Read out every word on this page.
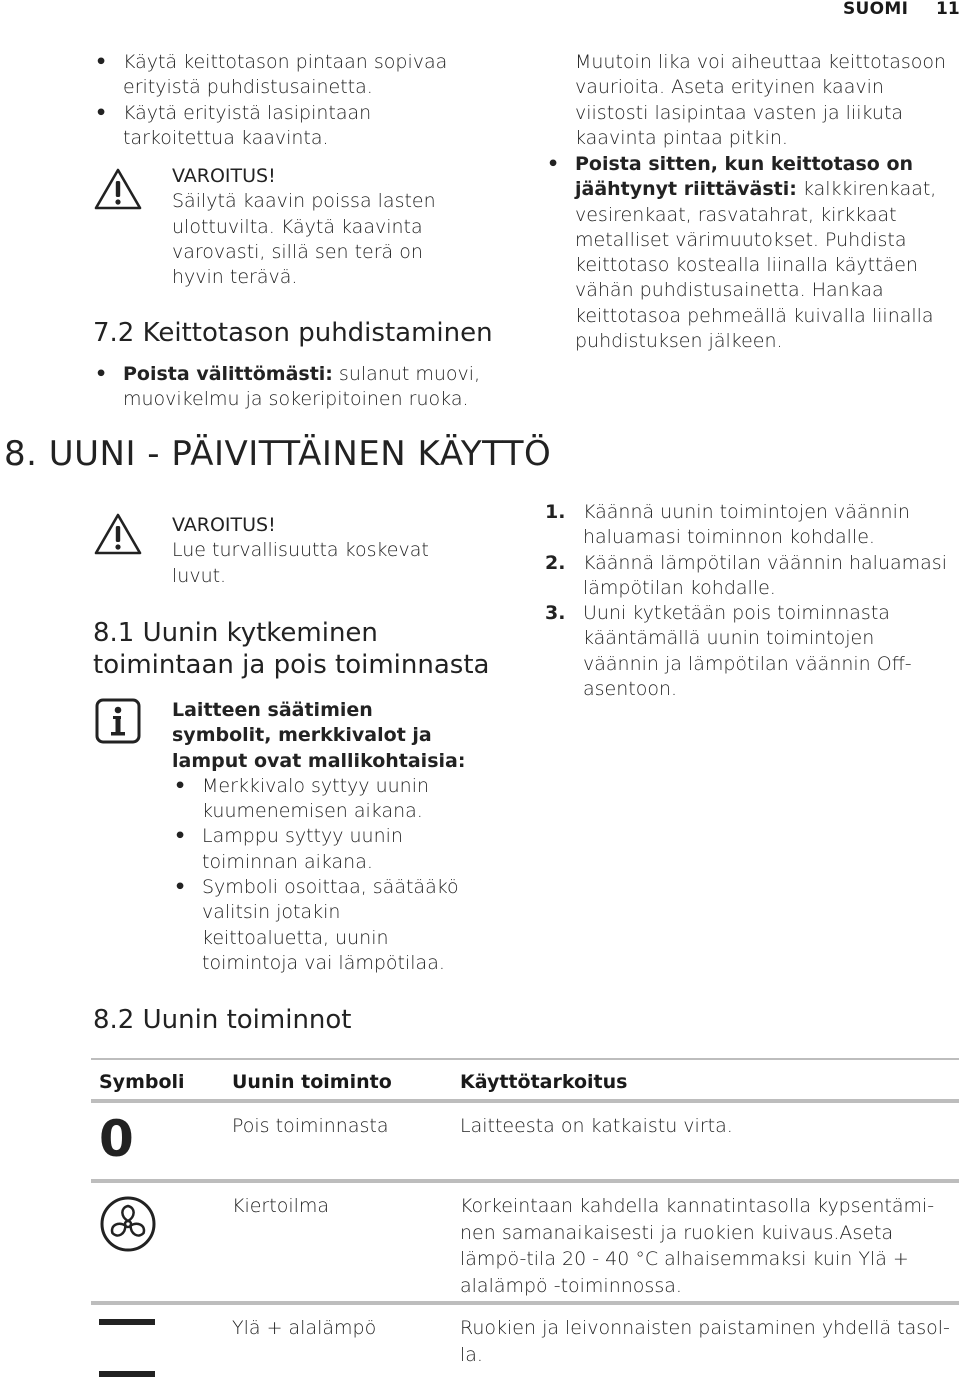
SUOMI 11
• Käytä keittotason pintaan sopivaa erityistä puhdistusainetta.
• Käytä erityistä lasipintaan tarkoitettua kaavinta.
VAROITUS!
Säilytä kaavin poissa lasten ulottuvilta. Käytä kaavinta varovasti, sillä sen terä on hyvin terävä.
7.2 Keittotason puhdistaminen
• Poista välittömästi: sulanut muovi, muovikelmu ja sokeripitoinen ruoka.
Muutoin lika voi aiheuttaa keittotasoon vaurioita. Aseta erityinen kaavin viistosti lasipintaa vasten ja liikuta kaavinta pintaa pitkin.
• Poista sitten, kun keittotaso on jäähtynyt riittävästi: kalkkirenkaat, vesirenkaat, rasvatahrat, kirkkaat metalliset värimuutokset. Puhdista keittotaso kostealla liinalla käyttäen vähän puhdistusainetta. Hankaa keittotasoa pehmeällä kuivalla liinalla puhdistuksen jälkeen.
8. UUNI - PÄIVITTÄINEN KÄYTTÖ
VAROITUS!
Lue turvallisuutta koskevat luvut.
8.1 Uunin kytkeminen toimintaan ja pois toiminnasta
Laitteen säätimien symbolit, merkkivalot ja lamput ovat mallikohtaisia:
• Merkkivalo syttyy uunin kuumenemisen aikana.
• Lamppu syttyy uunin toiminnan aikana.
• Symboli osoittaa, säätääkö valitsin jotakin keittoaluetta, uunin toimintoja vai lämpötilaa.
1. Käännä uunin toimintojen väännin haluamasi toiminnon kohdalle.
2. Käännä lämpötilan väännin haluamasi lämpötilan kohdalle.
3. Uuni kytketään pois toiminnasta kääntämällä uunin toimintojen väännin ja lämpötilan väännin Off-asentoon.
8.2 Uunin toiminnot
Symboli Uunin toiminto	Käyttötarkoitus
0	Pois toiminnasta	Laitteesta on katkaistu virta.
Kiertoilma	Korkeintaan kahdella kannatintasolla kypsentämi-nen samanaikaisesti ja ruokien kuivaus.Aseta lämpö-tila 20 - 40 °C alhaisemmaksi kuin Ylä + alalämpö -toiminnossa.
Ylä + alalämpö	Ruokien ja leivonnaisten paistaminen yhdellä tasol-la.
